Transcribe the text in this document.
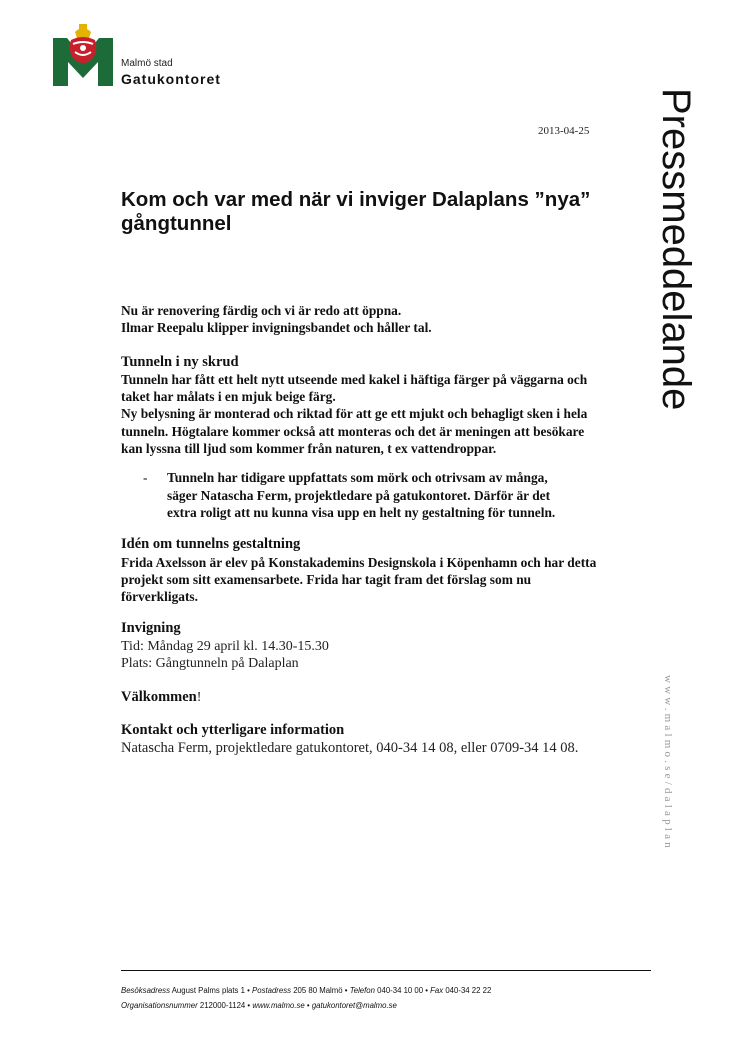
Malmö stad
Gatukontoret
2013-04-25 Pressmeddelande
www.malmo.se/dalaplan
Kom och var med när vi inviger Dalaplans ”nya” gångtunnel

Nu är renovering färdig och vi är redo att öppna.

Ilmar Reepalu klipper invigningsbandet och håller tal.

Tunneln i ny skrud

Tunneln har fått ett helt nytt utseende med kakel i häftiga färger på väggarna och taket har målats i en mjuk beige färg.

Ny belysning är monterad och riktad för att ge ett mjukt och behagligt sken i hela tunneln. Högtalare kommer också att monteras och det är meningen att besökare kan lyssna till ljud som kommer från naturen, t ex vattendroppar.

-	Tunneln har tidigare uppfattats som mörk och otrivsam av många, säger Natascha Ferm, projektledare på gatukontoret. Därför är det extra roligt att nu kunna visa upp en helt ny gestaltning för tunneln.

Idén om tunnelns gestaltning

Frida Axelsson är elev på Konstakademins Designskola i Köpenhamn och har detta projekt som sitt examensarbete. Frida har tagit fram det förslag som nu förverkligats.

Invigning

Tid: Måndag 29 april kl. 14.30-15.30

Plats: Gångtunneln på Dalaplan

Välkommen!

Kontakt och ytterligare information

Natascha Ferm, projektledare gatukontoret, 040-34 14 08, eller 0709-34 14 08.

Besöksadress August Palms plats 1 • Postadress 205 80 Malmö • Telefon 040-34 10 00 • Fax 040-34 22 22
Organisationsnummer 212000-1124 • www.malmo.se • gatukontoret@malmo.se
